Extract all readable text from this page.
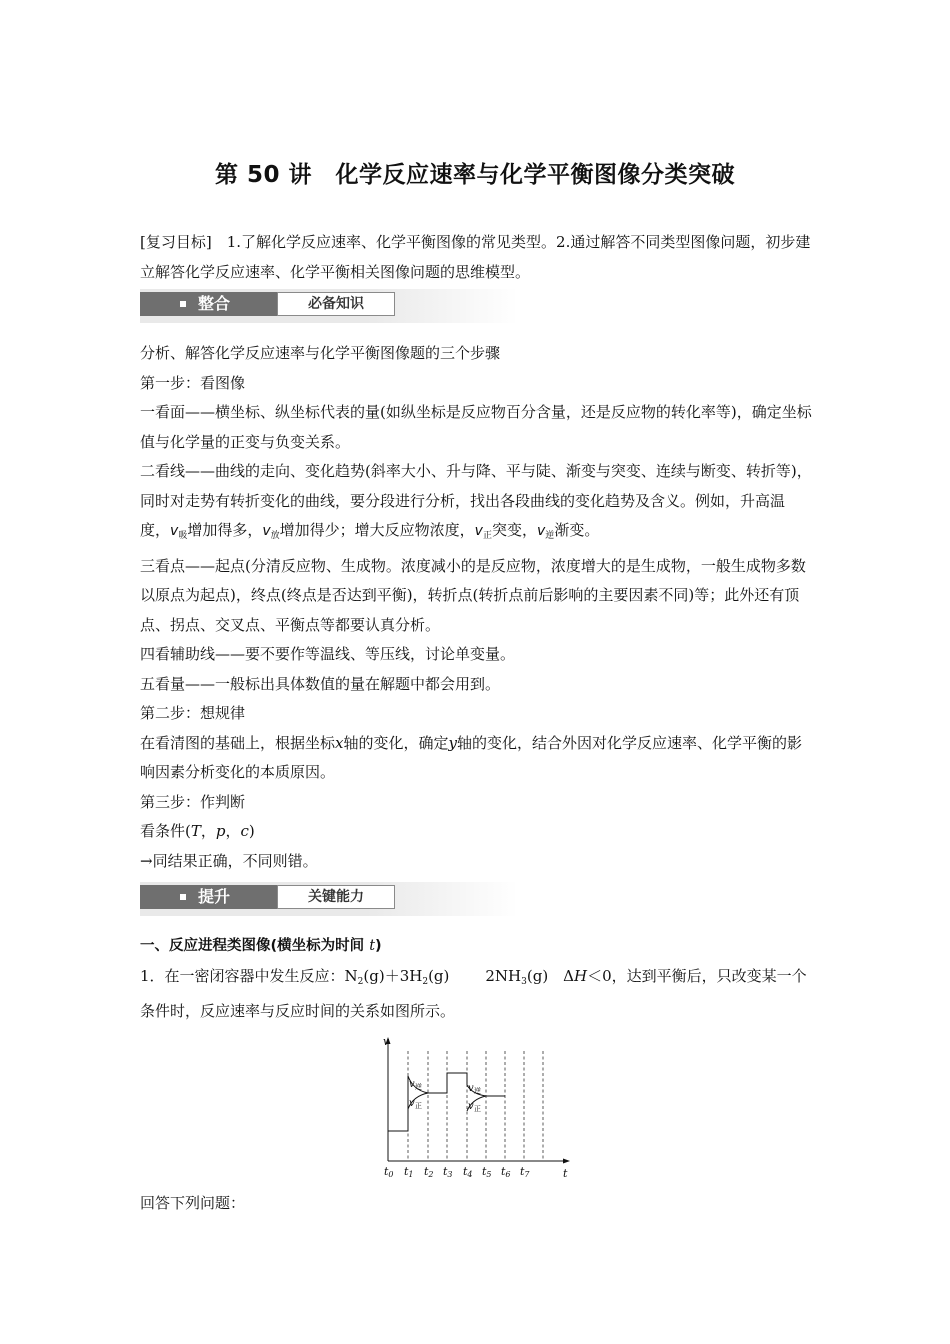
第 50 讲　化学反应速率与化学平衡图像分类突破

[复习目标]　1.了解化学反应速率、化学平衡图像的常见类型。2.通过解答不同类型图像问题，初步建立解答化学反应速率、化学平衡相关图像问题的思维模型。

整合	必备知识

分析、解答化学反应速率与化学平衡图像题的三个步骤

第一步：看图像

一看面——横坐标、纵坐标代表的量(如纵坐标是反应物百分含量，还是反应物的转化率等)，确定坐标值与化学量的正变与负变关系。

二看线——曲线的走向、变化趋势(斜率大小、升与降、平与陡、渐变与突变、连续与断变、转折等)，同时对走势有转折变化的曲线，要分段进行分析，找出各段曲线的变化趋势及含义。例如，升高温度，$v_吸$增加得多，$v_放$增加得少；增大反应物浓度，$v_正$突变，$v_逆$渐变。

三看点——起点(分清反应物、生成物。浓度减小的是反应物，浓度增大的是生成物，一般生成物多数以原点为起点)，终点(终点是否达到平衡)，转折点(转折点前后影响的主要因素不同)等；此外还有顶点、拐点、交叉点、平衡点等都要认真分析。

四看辅助线——要不要作等温线、等压线，讨论单变量。

五看量——一般标出具体数值的量在解题中都会用到。

第二步：想规律

在看清图的基础上，根据坐标x轴的变化，确定y轴的变化，结合外因对化学反应速率、化学平衡的影响因素分析变化的本质原因。

第三步：作判断

看条件(T，p，c)

→同结果正确，不同则错。

提升	关键能力

一、反应进程类图像(横坐标为时间 t)

1．在一密闭容器中发生反应：$N_2(g)+3H_2(g)$ $2NH_3(g)$　ΔH＜0，达到平衡后，只改变某一个条件时，反应速率与反应时间的关系如图所示。

v
t
v 逆
v 正
v 逆
v 正
t0 t1 t2 t3 t4 t5 t6 t7

回答下列问题：
